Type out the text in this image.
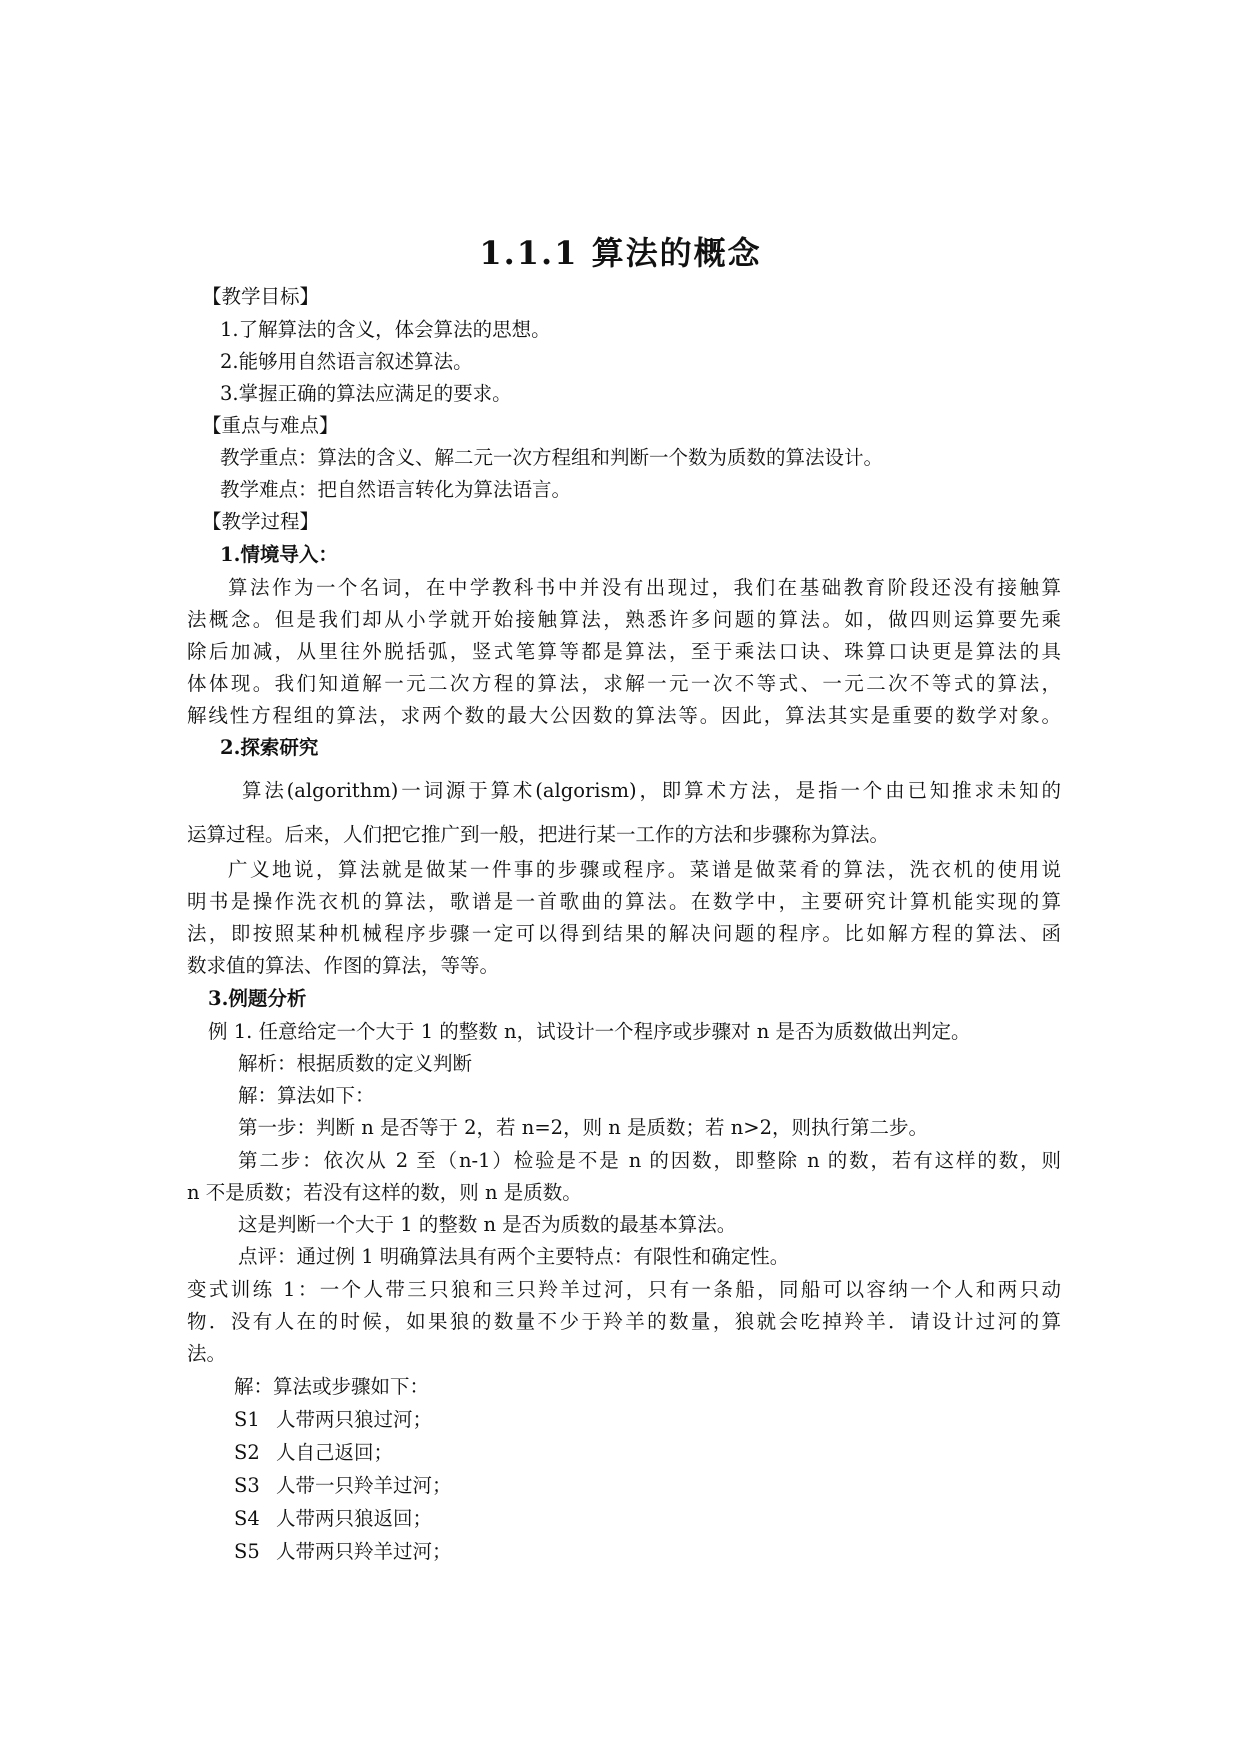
1.1.1 算法的概念
【教学目标】
1.了解算法的含义，体会算法的思想。
2.能够用自然语言叙述算法。
3.掌握正确的算法应满足的要求。
【重点与难点】
教学重点：算法的含义、解二元一次方程组和判断一个数为质数的算法设计。
教学难点：把自然语言转化为算法语言。
【教学过程】
1.情境导入：
算法作为一个名词，在中学教科书中并没有出现过，我们在基础教育阶段还没有接触算
法概念。但是我们却从小学就开始接触算法，熟悉许多问题的算法。如，做四则运算要先乘
除后加减，从里往外脱括弧，竖式笔算等都是算法，至于乘法口诀、珠算口诀更是算法的具
体体现。我们知道解一元二次方程的算法，求解一元一次不等式、一元二次不等式的算法，
解线性方程组的算法，求两个数的最大公因数的算法等。因此，算法其实是重要的数学对象。
2.探索研究
算法(algorithm)一词源于算术(algorism)，即算术方法，是指一个由已知推求未知的
运算过程。后来，人们把它推广到一般，把进行某一工作的方法和步骤称为算法。
广义地说，算法就是做某一件事的步骤或程序。菜谱是做菜肴的算法，洗衣机的使用说
明书是操作洗衣机的算法，歌谱是一首歌曲的算法。在数学中，主要研究计算机能实现的算
法，即按照某种机械程序步骤一定可以得到结果的解决问题的程序。比如解方程的算法、函
数求值的算法、作图的算法，等等。
3.例题分析
例 1. 任意给定一个大于 1 的整数 n，试设计一个程序或步骤对 n 是否为质数做出判定。
解析：根据质数的定义判断
解：算法如下：
第一步：判断 n 是否等于 2，若 n=2，则 n 是质数；若 n>2，则执行第二步。
第二步：依次从 2 至（n-1）检验是不是 n 的因数，即整除 n 的数，若有这样的数，则
n 不是质数；若没有这样的数，则 n 是质数。
这是判断一个大于 1 的整数 n 是否为质数的最基本算法。
点评：通过例 1 明确算法具有两个主要特点：有限性和确定性。
变式训练 1：一个人带三只狼和三只羚羊过河，只有一条船，同船可以容纳一个人和两只动
物．没有人在的时候，如果狼的数量不少于羚羊的数量，狼就会吃掉羚羊．请设计过河的算
法。
解：算法或步骤如下：
S1 人带两只狼过河；
S2 人自己返回；
S3 人带一只羚羊过河；
S4 人带两只狼返回；
S5 人带两只羚羊过河；
